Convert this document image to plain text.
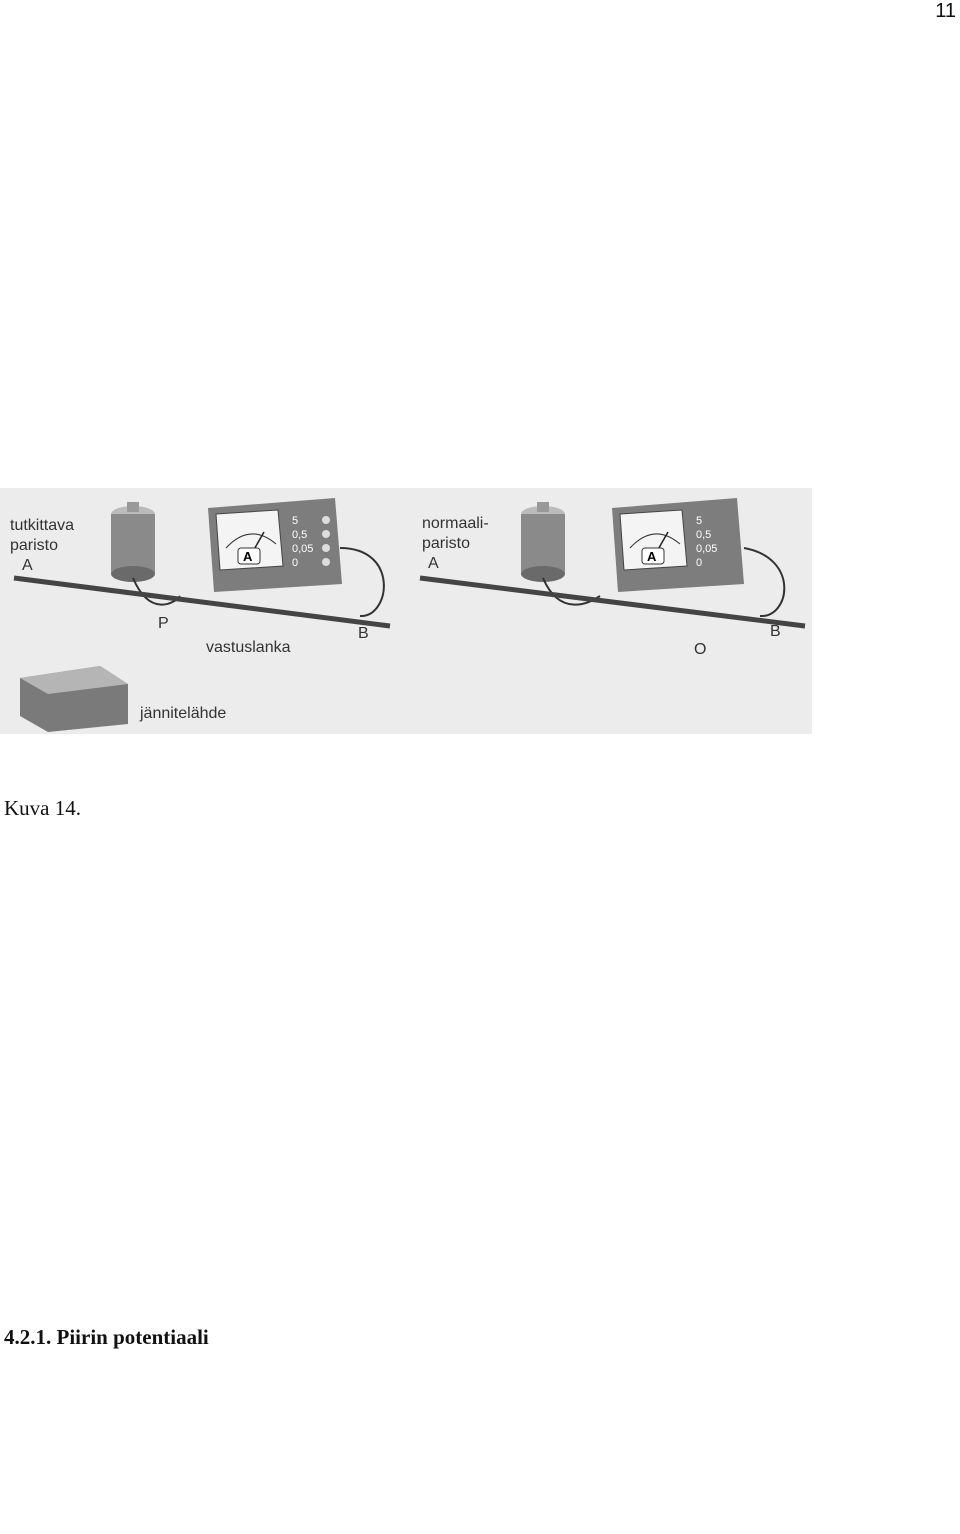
11
tutkittava
paristo
A
5
0,5
0,05
0
A
P
B
vastuslanka
jännitelähde
normaali-
paristo
A
5
0,5
0,05
0
A
B
O
Kuva 14.
4.2.1. Piirin potentiaali
